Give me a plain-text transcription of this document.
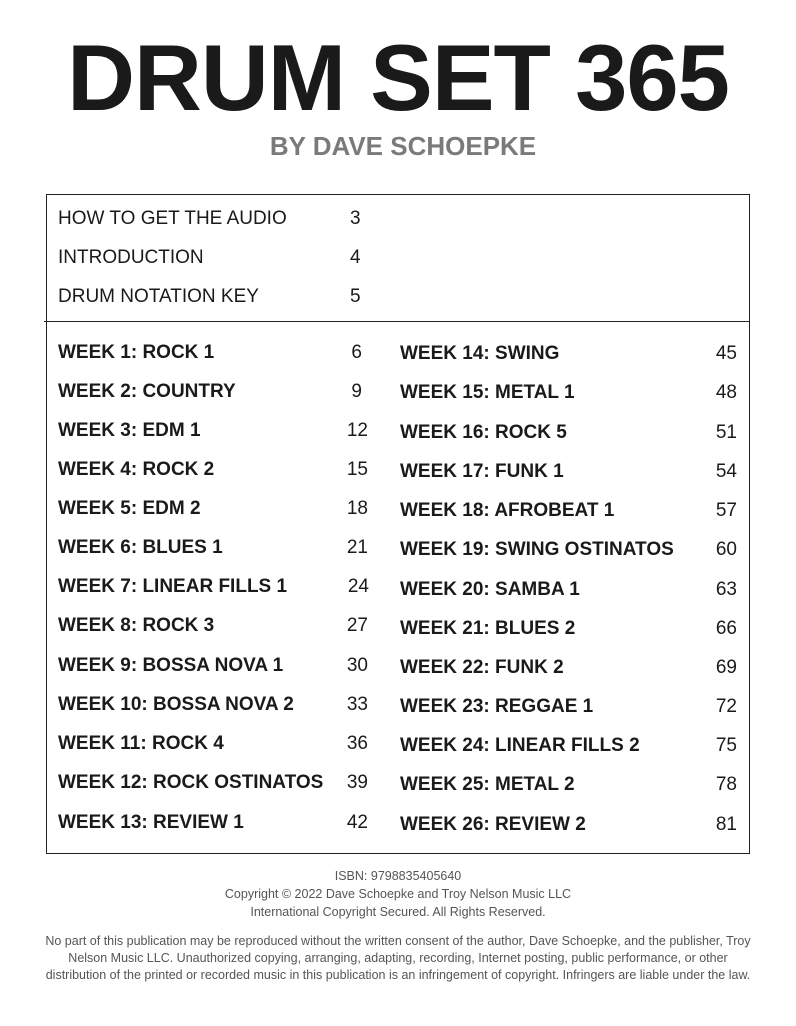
DRUM SET 365
BY DAVE SCHOEPKE
HOW TO GET THE AUDIO	3
INTRODUCTION	4
DRUM NOTATION KEY	5
WEEK 1: ROCK 1	6
WEEK 2: COUNTRY	9
WEEK 3: EDM 1	12
WEEK 4: ROCK 2	15
WEEK 5: EDM 2	18
WEEK 6: BLUES 1	21
WEEK 7: LINEAR FILLS 1	24
WEEK 8: ROCK 3	27
WEEK 9: BOSSA NOVA 1	30
WEEK 10: BOSSA NOVA 2	33
WEEK 11: ROCK 4	36
WEEK 12: ROCK OSTINATOS	39
WEEK 13: REVIEW 1	42
WEEK 14: SWING	45
WEEK 15: METAL 1	48
WEEK 16: ROCK 5	51
WEEK 17: FUNK 1	54
WEEK 18: AFROBEAT 1	57
WEEK 19: SWING OSTINATOS	60
WEEK 20: SAMBA 1	63
WEEK 21: BLUES 2	66
WEEK 22: FUNK 2	69
WEEK 23: REGGAE 1	72
WEEK 24: LINEAR FILLS 2	75
WEEK 25: METAL 2	78
WEEK 26: REVIEW 2	81
ISBN: 9798835405640
Copyright © 2022 Dave Schoepke and Troy Nelson Music LLC
International Copyright Secured. All Rights Reserved.
No part of this publication may be reproduced without the written consent of the author, Dave Schoepke, and the publisher, Troy Nelson Music LLC. Unauthorized copying, arranging, adapting, recording, Internet posting, public performance, or other distribution of the printed or recorded music in this publication is an infringement of copyright. Infringers are liable under the law.
